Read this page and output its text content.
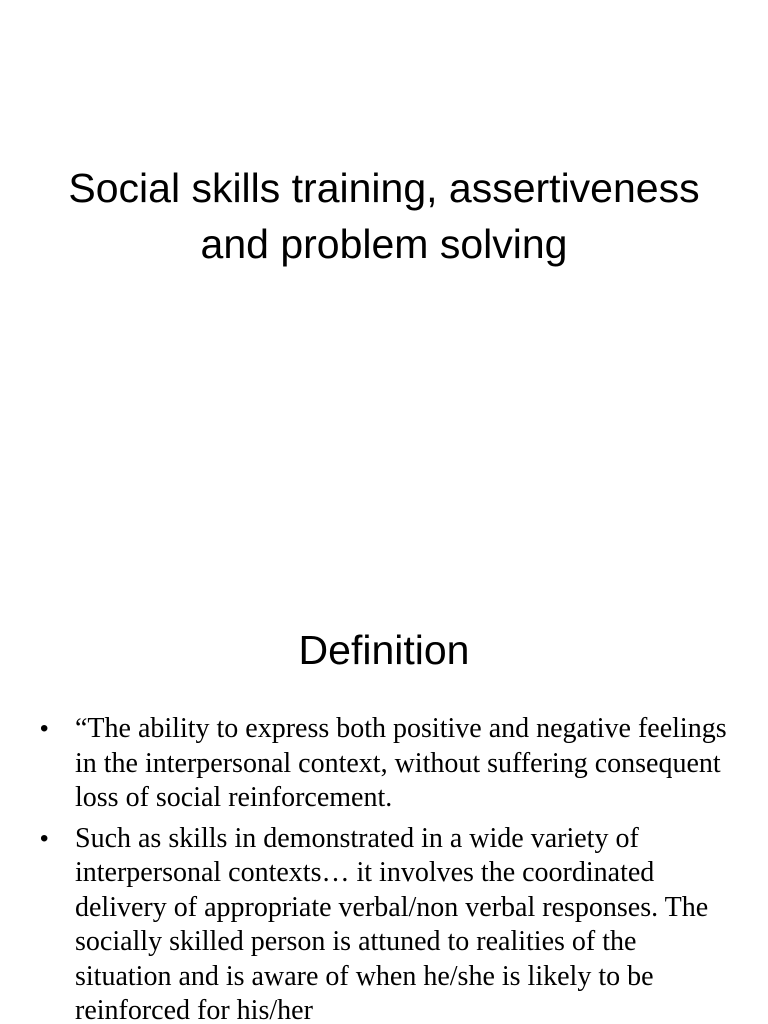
Social skills training, assertiveness and problem solving
Definition
• “The ability to express both positive and negative feelings in the interpersonal context, without suffering consequent loss of social reinforcement.
• Such as skills in demonstrated in a wide variety of interpersonal contexts… it involves the coordinated delivery of appropriate verbal/non verbal responses. The socially skilled person is attuned to realities of the situation and is aware of when he/she is likely to be reinforced for his/her
